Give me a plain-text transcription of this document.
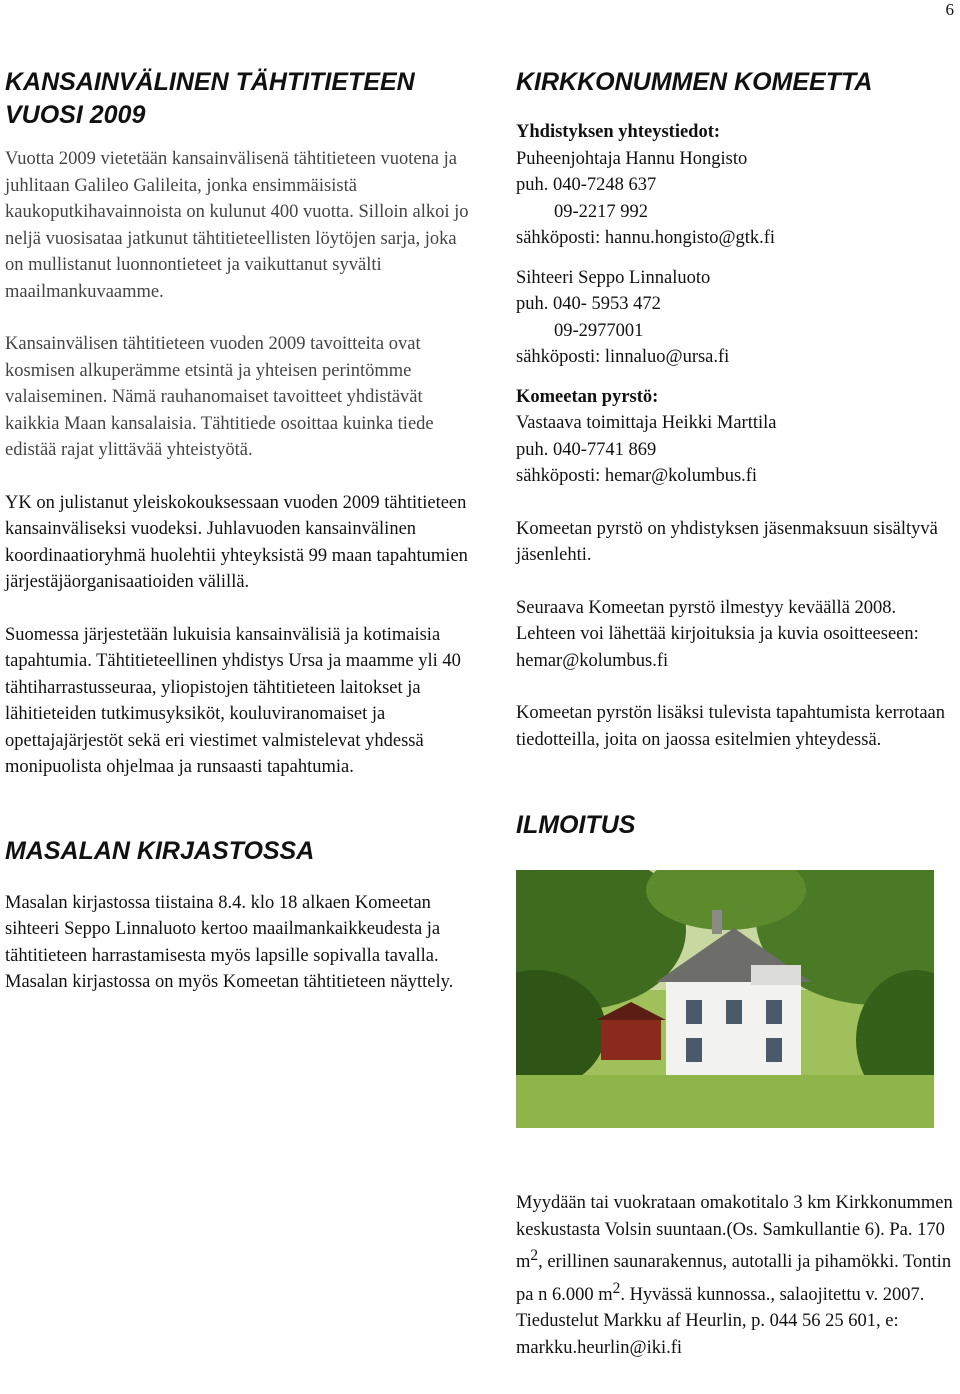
6
KANSAINVÄLINEN TÄHTITIETEEN
VUOSI 2009

Vuotta 2009 vietetään kansainvälisenä tähtitieteen vuotena ja juhlitaan Galileo Galileita, jonka ensimmäisistä kaukoputkihavainnoista on kulunut 400 vuotta. Silloin alkoi jo neljä vuosisataa jatkunut tähtitieteellisten löytöjen sarja, joka on mullistanut luonnontieteet ja vaikuttanut syvälti maailmankuvaamme.

Kansainvälisen tähtitieteen vuoden 2009 tavoitteita ovat kosmisen alkuperämme etsintä ja yhteisen perintömme valaiseminen. Nämä rauhanomaiset tavoitteet yhdistävät kaikkia Maan kansalaisia. Tähtitiede osoittaa kuinka tiede edistää rajat ylittävää yhteistyötä.

YK on julistanut yleiskokouksessaan vuoden 2009 tähtitieteen kansainväliseksi vuodeksi. Juhlavuoden kansainvälinen koordinaatioryhmä huolehtii yhteyksistä 99 maan tapahtumien järjestäjäorganisaatioiden välillä.

Suomessa järjestetään lukuisia kansainvälisiä ja kotimaisia tapahtumia. Tähtitieteellinen yhdistys Ursa ja maamme yli 40 tähtiharrastusseuraa, yliopistojen tähtitieteen laitokset ja lähitieteiden tutkimusyksiköt, kouluviranomaiset ja opettajajärjestöt sekä eri viestimet valmistelevat yhdessä monipuolista ohjelmaa ja runsaasti tapahtumia.

MASALAN KIRJASTOSSA

Masalan kirjastossa tiistaina 8.4. klo 18 alkaen Komeetan sihteeri Seppo Linnaluoto kertoo maailmankaikkeudesta ja tähtitieteen harrastamisesta myös lapsille sopivalla tavalla. Masalan kirjastossa on myös Komeetan tähtitieteen näyttely.

KIRKKONUMMEN KOMEETTA

Yhdistyksen yhteystiedot:

Puheenjohtaja Hannu Hongisto

puh. 040-7248 637

09-2217 992

sähköposti: hannu.hongisto@gtk.fi

Sihteeri Seppo Linnaluoto

puh. 040- 5953 472

09-2977001

sähköposti: linnaluo@ursa.fi

Komeetan pyrstö:

Vastaava toimittaja Heikki Marttila

puh. 040-7741 869

sähköposti: hemar@kolumbus.fi

Komeetan pyrstö on yhdistyksen jäsenmaksuun sisältyvä jäsenlehti.

Seuraava Komeetan pyrstö ilmestyy keväällä 2008. Lehteen voi lähettää kirjoituksia ja kuvia osoitteeseen: hemar@kolumbus.fi

Komeetan pyrstön lisäksi tulevista tapahtumista kerrotaan tiedotteilla, joita on jaossa esitelmien yhteydessä.

ILMOITUS

Myydään tai vuokrataan omakotitalo 3 km Kirkkonummen keskustasta Volsin suuntaan.(Os. Samkullantie 6). Pa. 170 $m^2$, erillinen saunarakennus, autotalli ja pihamökki. Tontin pa n 6.000 $m^2$. Hyvässä kunnossa., salaojitettu v. 2007. Tiedustelut Markku af Heurlin, p. 044 56 25 601, e: markku.heurlin@iki.fi
